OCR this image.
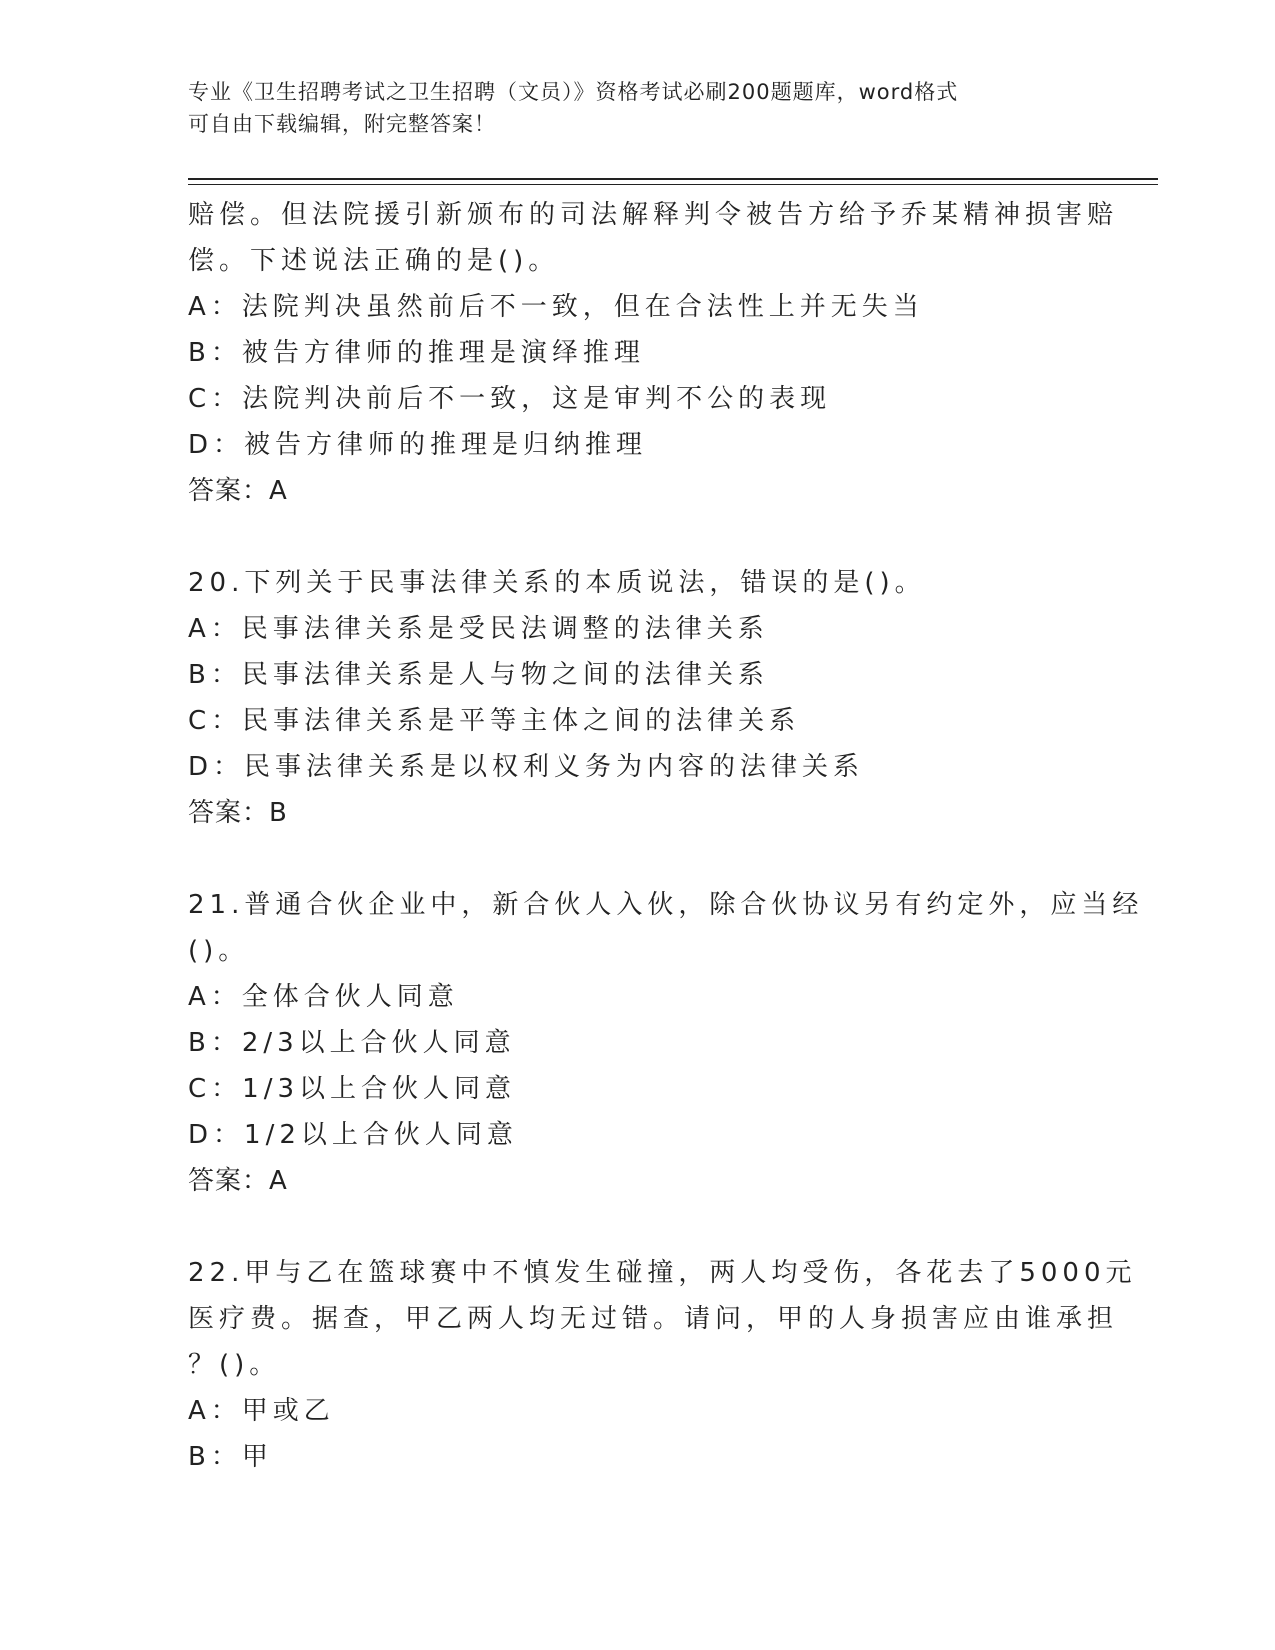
专业《卫生招聘考试之卫生招聘（文员）》资格考试必刷200题题库，word格式
可自由下载编辑，附完整答案！
赔偿。但法院援引新颁布的司法解释判令被告方给予乔某精神损害赔
偿。下述说法正确的是()。
A：法院判决虽然前后不一致，但在合法性上并无失当
B：被告方律师的推理是演绎推理
C：法院判决前后不一致，这是审判不公的表现
D：被告方律师的推理是归纳推理
答案：A
20.下列关于民事法律关系的本质说法，错误的是()。
A：民事法律关系是受民法调整的法律关系
B：民事法律关系是人与物之间的法律关系
C：民事法律关系是平等主体之间的法律关系
D：民事法律关系是以权利义务为内容的法律关系
答案：B
21.普通合伙企业中，新合伙人入伙，除合伙协议另有约定外，应当经
()。
A：全体合伙人同意
B：2/3以上合伙人同意
C：1/3以上合伙人同意
D：1/2以上合伙人同意
答案：A
22.甲与乙在篮球赛中不慎发生碰撞，两人均受伤，各花去了5000元
医疗费。据查，甲乙两人均无过错。请问，甲的人身损害应由谁承担
？()。
A：甲或乙
B：甲
